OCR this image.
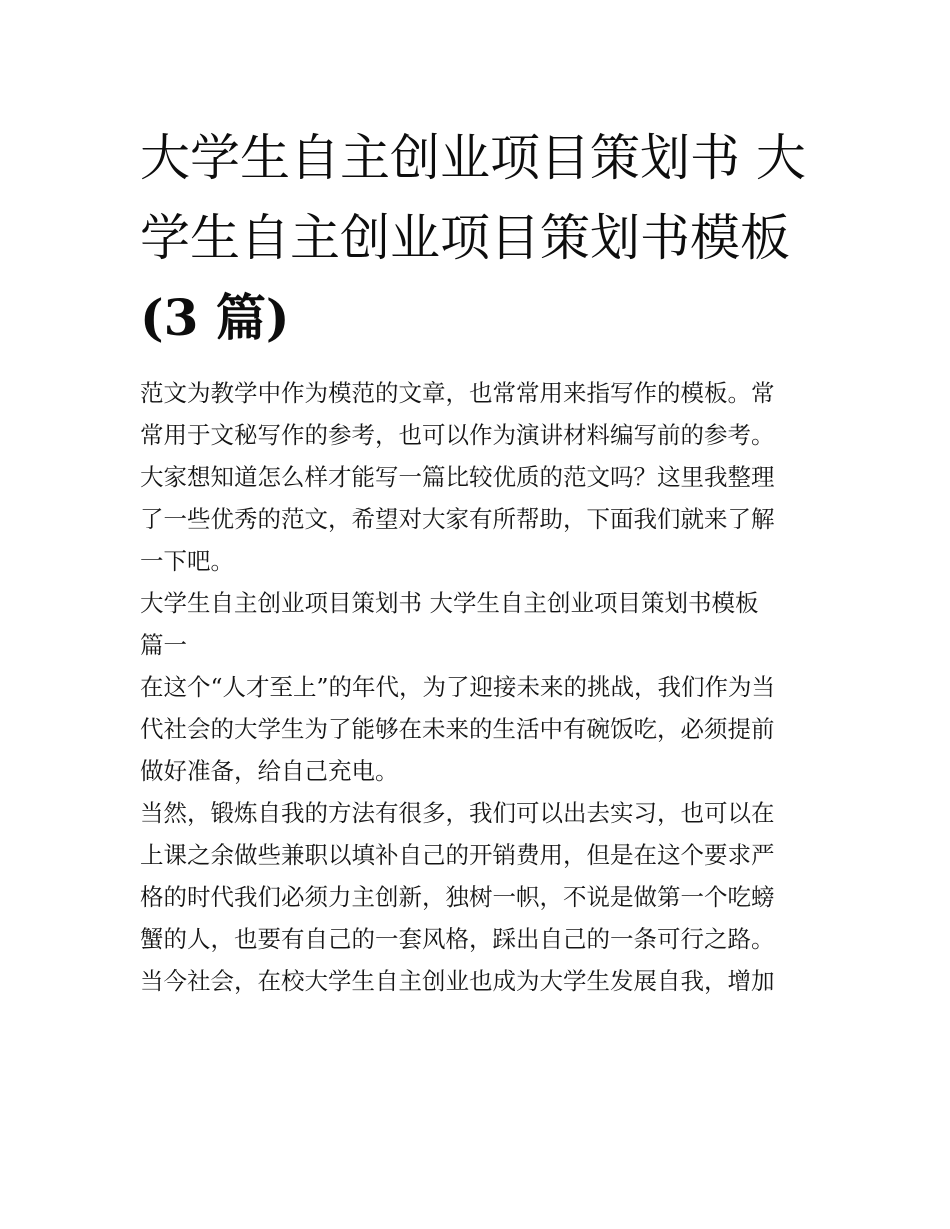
大学生自主创业项目策划书 大
学生自主创业项目策划书模板
(3 篇)
范文为教学中作为模范的文章，也常常用来指写作的模板。常
常用于文秘写作的参考，也可以作为演讲材料编写前的参考。
大家想知道怎么样才能写一篇比较优质的范文吗？这里我整理
了一些优秀的范文，希望对大家有所帮助，下面我们就来了解
一下吧。
大学生自主创业项目策划书 大学生自主创业项目策划书模板
篇一
在这个“人才至上”的年代，为了迎接未来的挑战，我们作为当
代社会的大学生为了能够在未来的生活中有碗饭吃，必须提前
做好准备，给自己充电。
当然，锻炼自我的方法有很多，我们可以出去实习，也可以在
上课之余做些兼职以填补自己的开销费用，但是在这个要求严
格的时代我们必须力主创新，独树一帜，不说是做第一个吃螃
蟹的人，也要有自己的一套风格，踩出自己的一条可行之路。
当今社会，在校大学生自主创业也成为大学生发展自我，增加
